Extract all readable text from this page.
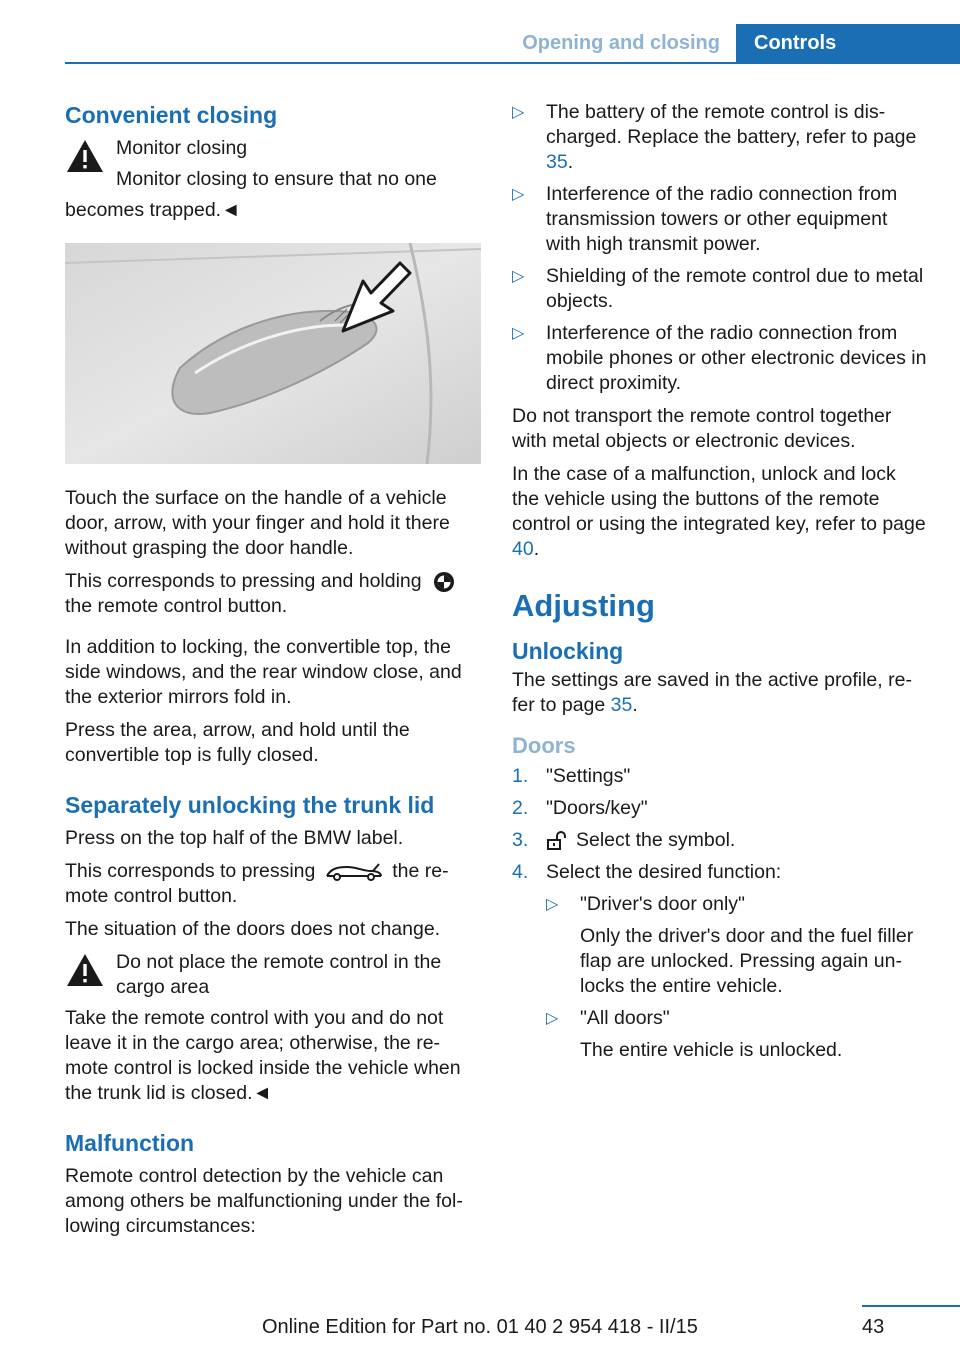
Opening and closing	Controls
Convenient closing

Monitor closing

Monitor closing to ensure that no one

becomes trapped.◄

Touch the surface on the handle of a vehicle door, arrow, with your finger and hold it there without grasping the door handle.

This corresponds to pressing and holding  the remote control button.

In addition to locking, the convertible top, the side windows, and the rear window close, and the exterior mirrors fold in.

Press the area, arrow, and hold until the convertible top is fully closed.

Separately unlocking the trunk lid

Press on the top half of the BMW label.

This corresponds to pressing	the re-mote control button.

The situation of the doors does not change.

Do not place the remote control in the cargo area

Take the remote control with you and do not leave it in the cargo area; otherwise, the re-mote control is locked inside the vehicle when the trunk lid is closed.◄

Malfunction

Remote control detection by the vehicle can among others be malfunctioning under the fol-lowing circumstances:

▷ The battery of the remote control is dis-charged. Replace the battery, refer to page 35.
▷ Interference of the radio connection from transmission towers or other equipment with high transmit power.
▷ Shielding of the remote control due to metal objects.
▷ Interference of the radio connection from mobile phones or other electronic devices in direct proximity.

Do not transport the remote control together with metal objects or electronic devices.

In the case of a malfunction, unlock and lock the vehicle using the buttons of the remote control or using the integrated key, refer to page 40.

Adjusting
Unlocking

The settings are saved in the active profile, re-fer to page 35.

Doors
1. "Settings"
2. "Doors/key"
3. Select the symbol.
4. Select the desired function:
▷ "Driver's door only"
Only the driver's door and the fuel filler flap are unlocked. Pressing again un-locks the entire vehicle.
▷ "All doors"
The entire vehicle is unlocked.
Online Edition for Part no. 01 40 2 954 418 - II/15	43
